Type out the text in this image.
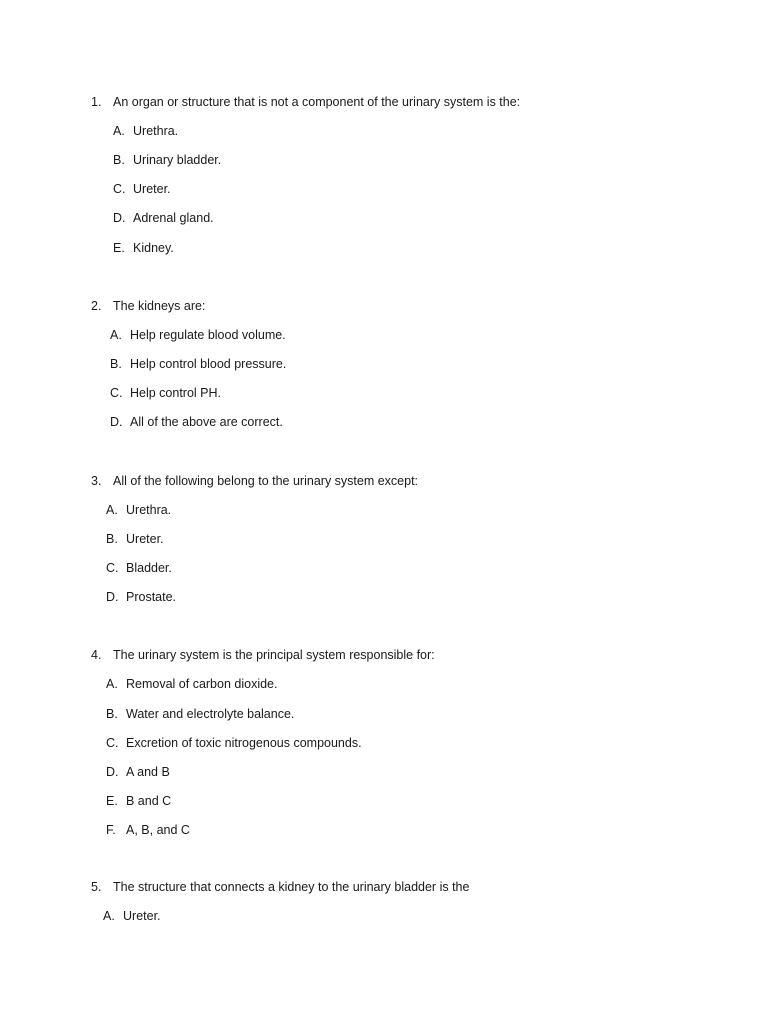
1. An organ or structure that is not a component of the urinary system is the:
A. Urethra.
B. Urinary bladder.
C. Ureter.
D. Adrenal gland.
E. Kidney.
2. The kidneys are:
A. Help regulate blood volume.
B. Help control blood pressure.
C. Help control PH.
D. All of the above are correct.
3. All of the following belong to the urinary system except:
A. Urethra.
B. Ureter.
C. Bladder.
D. Prostate.
4. The urinary system is the principal system responsible for:
A. Removal of carbon dioxide.
B. Water and electrolyte balance.
C. Excretion of toxic nitrogenous compounds.
D. A and B
E. B and C
F. A, B, and C
5. The structure that connects a kidney to the urinary bladder is the
A. Ureter.
